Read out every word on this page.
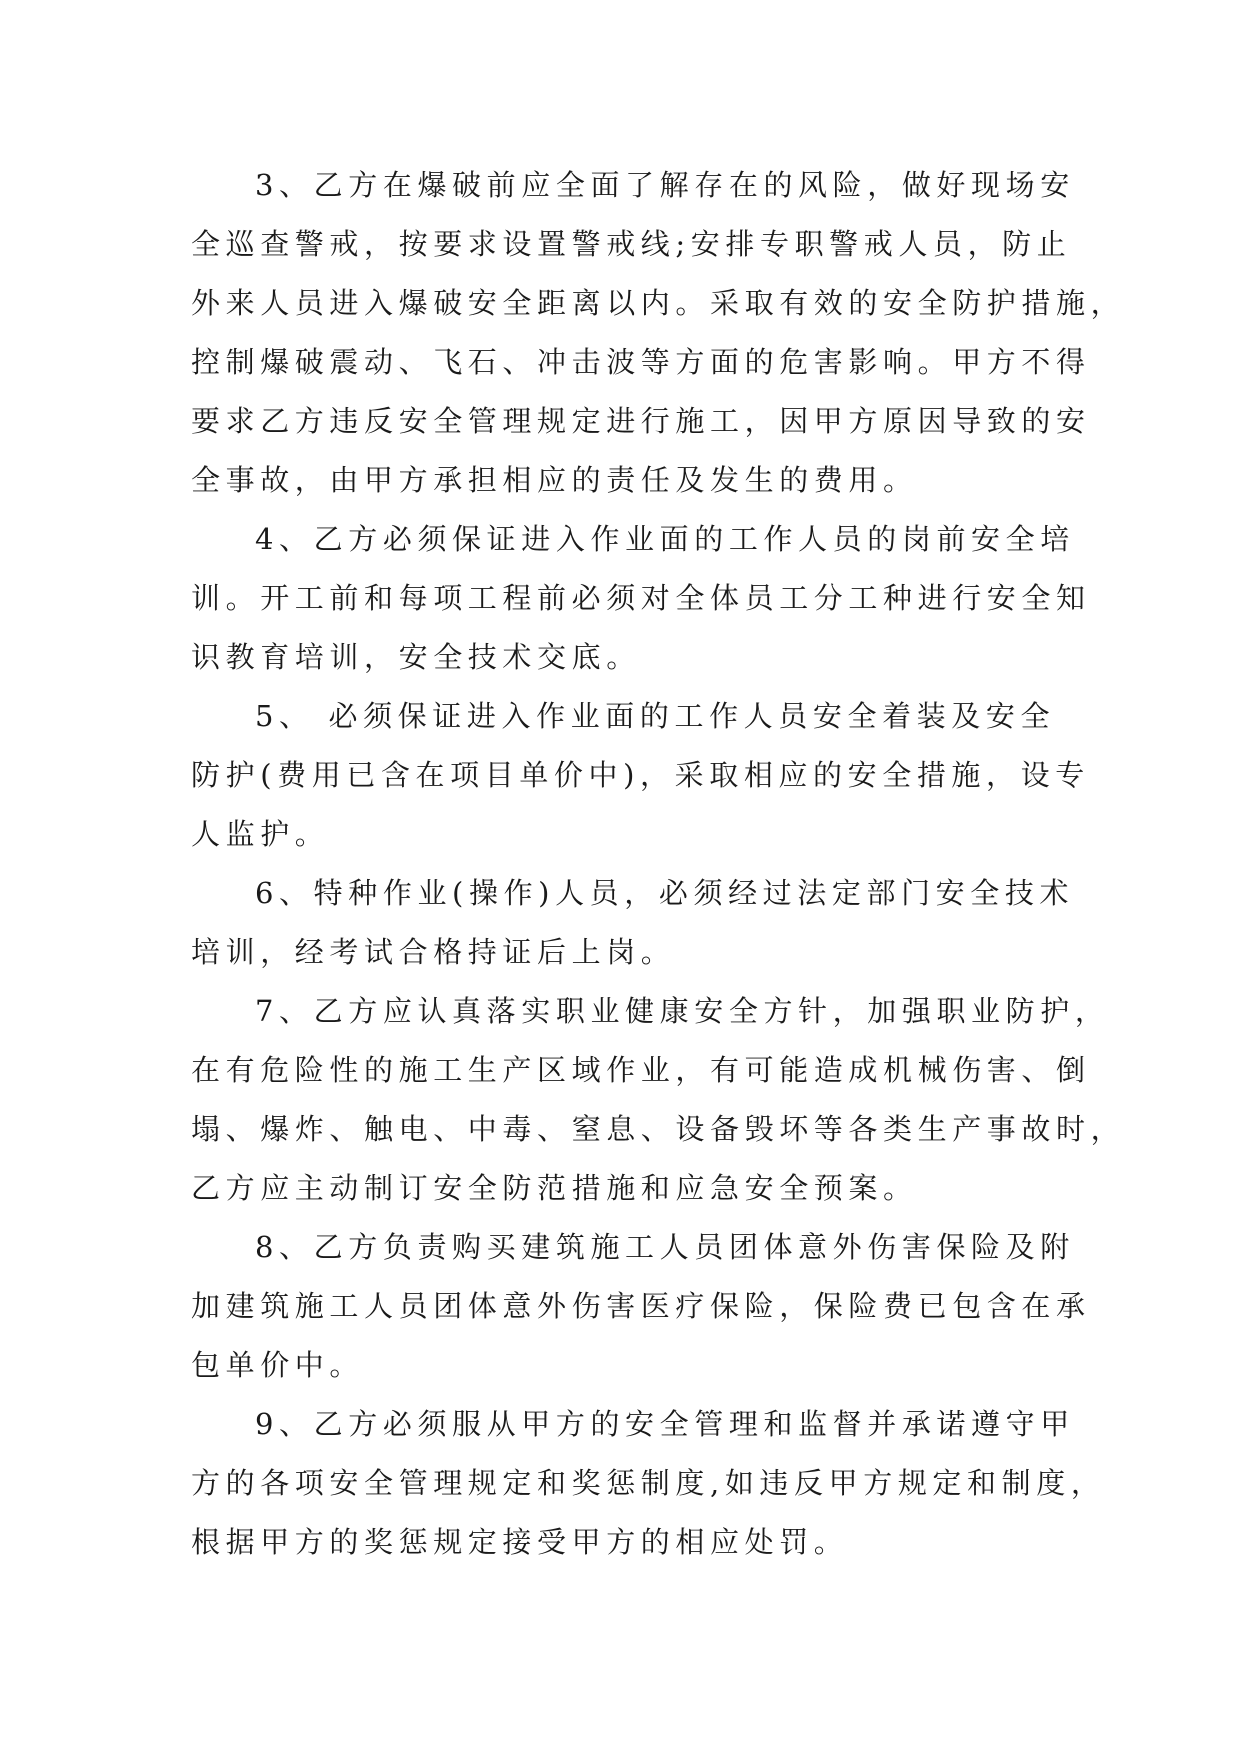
3、乙方在爆破前应全面了解存在的风险，做好现场安
全巡查警戒，按要求设置警戒线;安排专职警戒人员，防止
外来人员进入爆破安全距离以内。采取有效的安全防护措施，
控制爆破震动、飞石、冲击波等方面的危害影响。甲方不得
要求乙方违反安全管理规定进行施工，因甲方原因导致的安
全事故，由甲方承担相应的责任及发生的费用。
4、乙方必须保证进入作业面的工作人员的岗前安全培
训。开工前和每项工程前必须对全体员工分工种进行安全知
识教育培训，安全技术交底。
5、 必须保证进入作业面的工作人员安全着装及安全
防护(费用已含在项目单价中)，采取相应的安全措施，设专
人监护。
6、特种作业(操作)人员，必须经过法定部门安全技术
培训，经考试合格持证后上岗。
7、乙方应认真落实职业健康安全方针，加强职业防护，
在有危险性的施工生产区域作业，有可能造成机械伤害、倒
塌、爆炸、触电、中毒、窒息、设备毁坏等各类生产事故时，
乙方应主动制订安全防范措施和应急安全预案。
8、乙方负责购买建筑施工人员团体意外伤害保险及附
加建筑施工人员团体意外伤害医疗保险，保险费已包含在承
包单价中。
9、乙方必须服从甲方的安全管理和监督并承诺遵守甲
方的各项安全管理规定和奖惩制度,如违反甲方规定和制度，
根据甲方的奖惩规定接受甲方的相应处罚。
